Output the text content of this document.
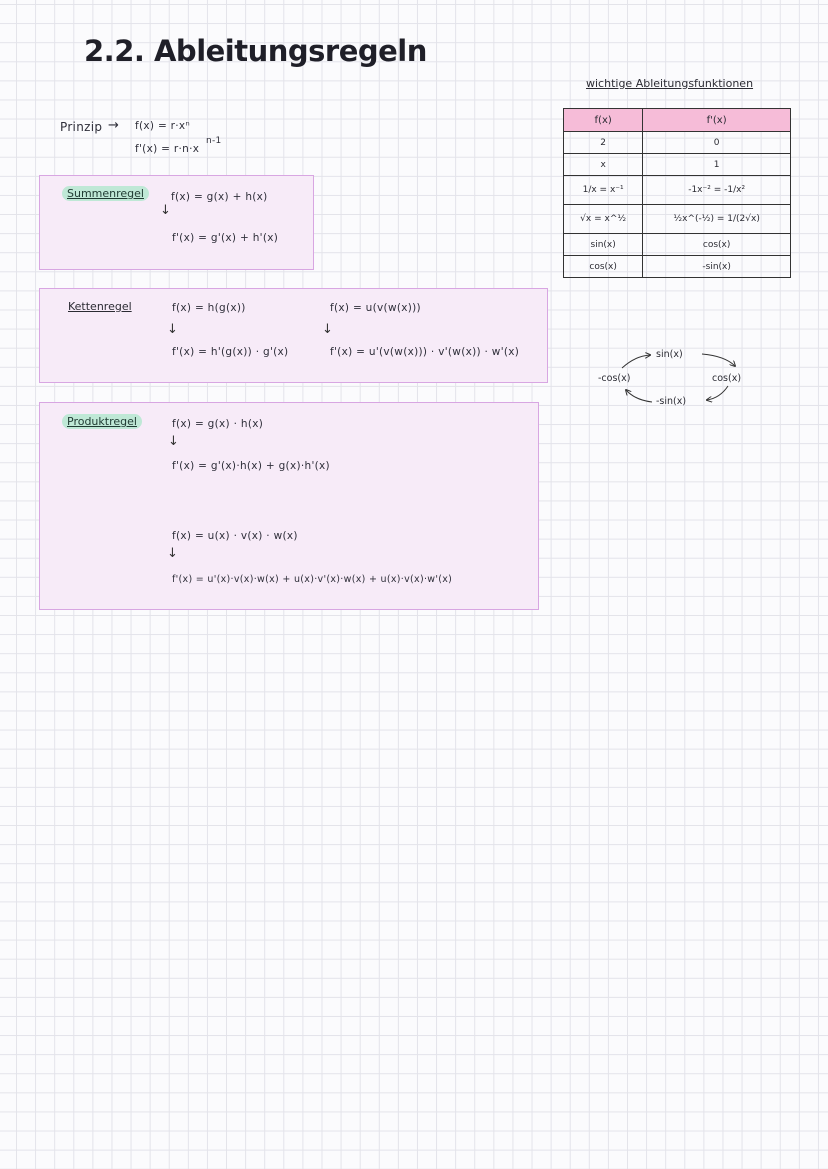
2.2. Ableitungsregeln
Prinzip → f(x) = r·xⁿ
n-1
f'(x) = r·n·x
Summenregel	f(x) = g(x) + h(x)
↓
f'(x) = g'(x) + h'(x)
Kettenregel	f(x) = h(g(x))
↓
f'(x) = h'(g(x)) · g'(x)
f(x) = u(v(w(x)))
↓
f'(x) = u'(v(w(x))) · v'(w(x)) · w'(x)
Produktregel	f(x) = g(x) · h(x)
↓
f'(x) = g'(x)·h(x) + g(x)·h'(x)
f(x) = u(x) · v(x) · w(x)
↓
f'(x) = u'(x)·v(x)·w(x) + u(x)·v'(x)·w(x) + u(x)·v(x)·w'(x)
wichtige Ableitungsfunktionen
f(x)	f'(x)
2	0
x	1
1/x = x⁻¹	-1x⁻² = -1/x²
√x = x^½	½x^(-½) = 1/(2√x)
sin(x)	cos(x)
cos(x)	-sin(x)
sin(x)
cos(x)
-sin(x)
-cos(x)
